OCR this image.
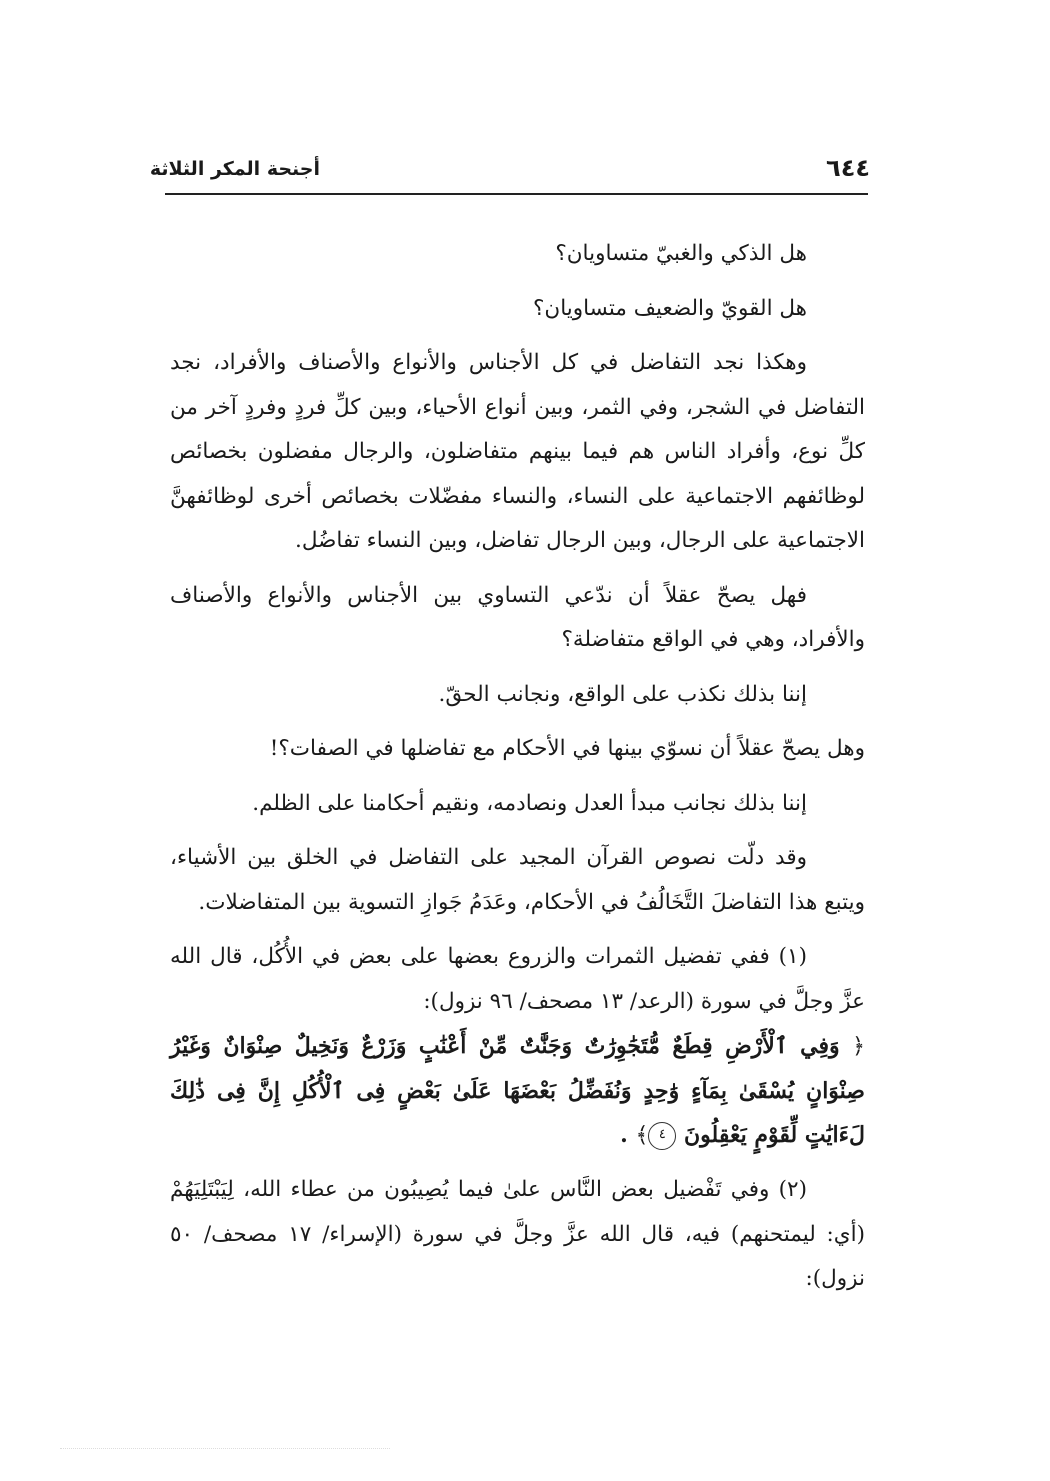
٦٤٤
أجنحة المكر الثلاثة

هل الذكي والغبيّ متساويان؟

هل القويّ والضعيف متساويان؟

وهكذا نجد التفاضل في كل الأجناس والأنواع والأصناف والأفراد، نجد التفاضل في الشجر، وفي الثمر، وبين أنواع الأحياء، وبين كلِّ فردٍ وفردٍ آخر من كلِّ نوع، وأفراد الناس هم فيما بينهم متفاضلون، والرجال مفضلون بخصائص لوظائفهم الاجتماعية على النساء، والنساء مفضّلات بخصائص أخرى لوظائفهنَّ الاجتماعية على الرجال، وبين الرجال تفاضل، وبين النساء تفاضُل.

فهل يصحّ عقلاً أن ندّعي التساوي بين الأجناس والأنواع والأصناف والأفراد، وهي في الواقع متفاضلة؟

إننا بذلك نكذب على الواقع، ونجانب الحقّ.

وهل يصحّ عقلاً أن نسوّي بينها في الأحكام مع تفاضلها في الصفات؟!

إننا بذلك نجانب مبدأ العدل ونصادمه، ونقيم أحكامنا على الظلم.

وقد دلّت نصوص القرآن المجيد على التفاضل في الخلق بين الأشياء، ويتبع هذا التفاضلَ التَّخَالُفُ في الأحكام، وعَدَمُ جَوازِ التسوية بين المتفاضلات.

(١) ففي تفضيل الثمرات والزروع بعضها على بعض في الأُكُل، قال الله عزَّ وجلَّ في سورة (الرعد/ ١٣ مصحف/ ٩٦ نزول):

﴿ وَفِي ٱلْأَرْضِ قِطَعٌ مُّتَجَٰوِرَٰتٌ وَجَنَّٰتٌ مِّنْ أَعْنَٰبٍ وَزَرْعٌ وَنَخِيلٌ صِنْوَانٌ وَغَيْرُ صِنْوَانٍ يُسْقَىٰ بِمَآءٍ وَٰحِدٍ وَنُفَضِّلُ بَعْضَهَا عَلَىٰ بَعْضٍ فِى ٱلْأُكُلِ إِنَّ فِى ذَٰلِكَ لَءَايَٰتٍ لِّقَوْمٍ يَعْقِلُونَ ٤﴾ .

(٢) وفي تَفْضيل بعض النَّاس علىٰ فيما يُصِيبُون من عطاء الله، لِيَبْتَلِيَهُمْ (أي: ليمتحنهم) فيه، قال الله عزَّ وجلَّ في سورة (الإسراء/ ١٧ مصحف/ ٥٠ نزول):
